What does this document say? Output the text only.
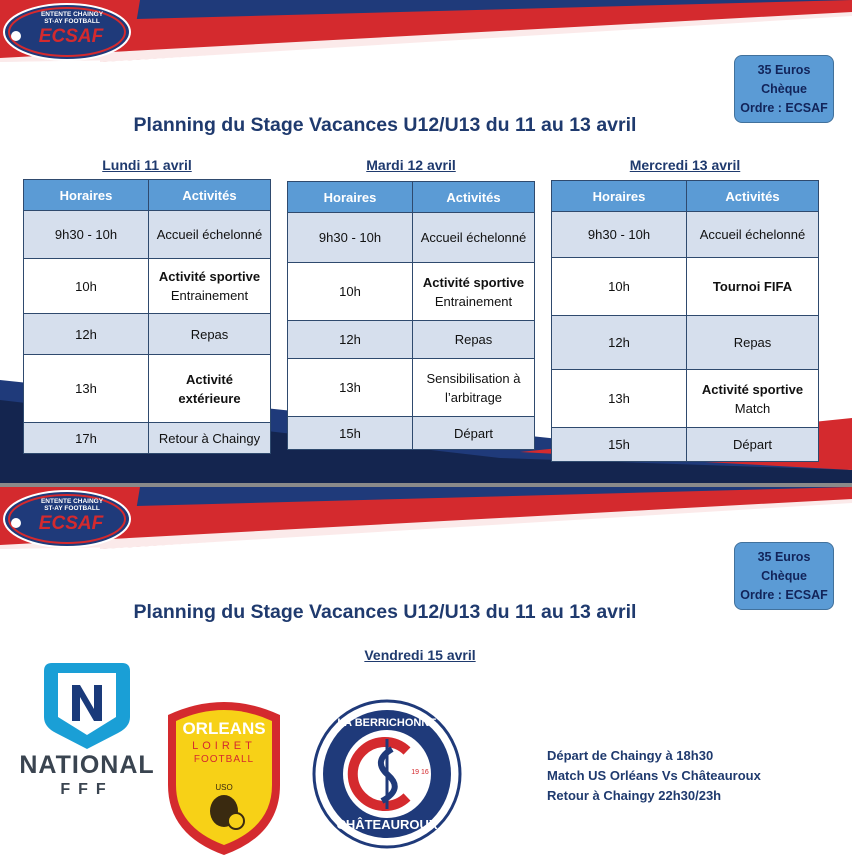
ENTENTE CHAINGY
ST-AY FOOTBALL
ECSAF
35 Euros
Chèque
Ordre : ECSAF
Planning du Stage Vacances U12/U13 du 11 au 13 avril
Lundi 11 avril	Mardi 12 avril	Mercredi 13 avril
Horaires	Activités
9h30 - 10h	Accueil échelonné

10h	Activité sportive
Entrainement

12h	Repas

13h	Activité extérieure

17h	Retour à Chaingy
Horaires	Activités
9h30 - 10h	Accueil échelonné

10h	Activité sportive
Entrainement

12h	Repas

13h	Sensibilisation à l’arbitrage

15h	Départ
Horaires	Activités
9h30 - 10h	Accueil échelonné

10h	Tournoi FIFA

12h	Repas

13h	Activité sportive
Match

15h	Départ
ENTENTE CHAINGY
ST-AY FOOTBALL
ECSAF
35 Euros
Chèque
Ordre : ECSAF
Planning du Stage Vacances U12/U13 du 11 au 13 avril
Vendredi 15 avril
NATIONAL
FFF
ORLEANS
LOIRET
FOOTBALL
USO
LA BERRICHONNE
CHÂTEAUROUX
19 16
Départ de Chaingy à 18h30
Match US Orléans Vs Châteauroux
Retour à Chaingy 22h30/23h
